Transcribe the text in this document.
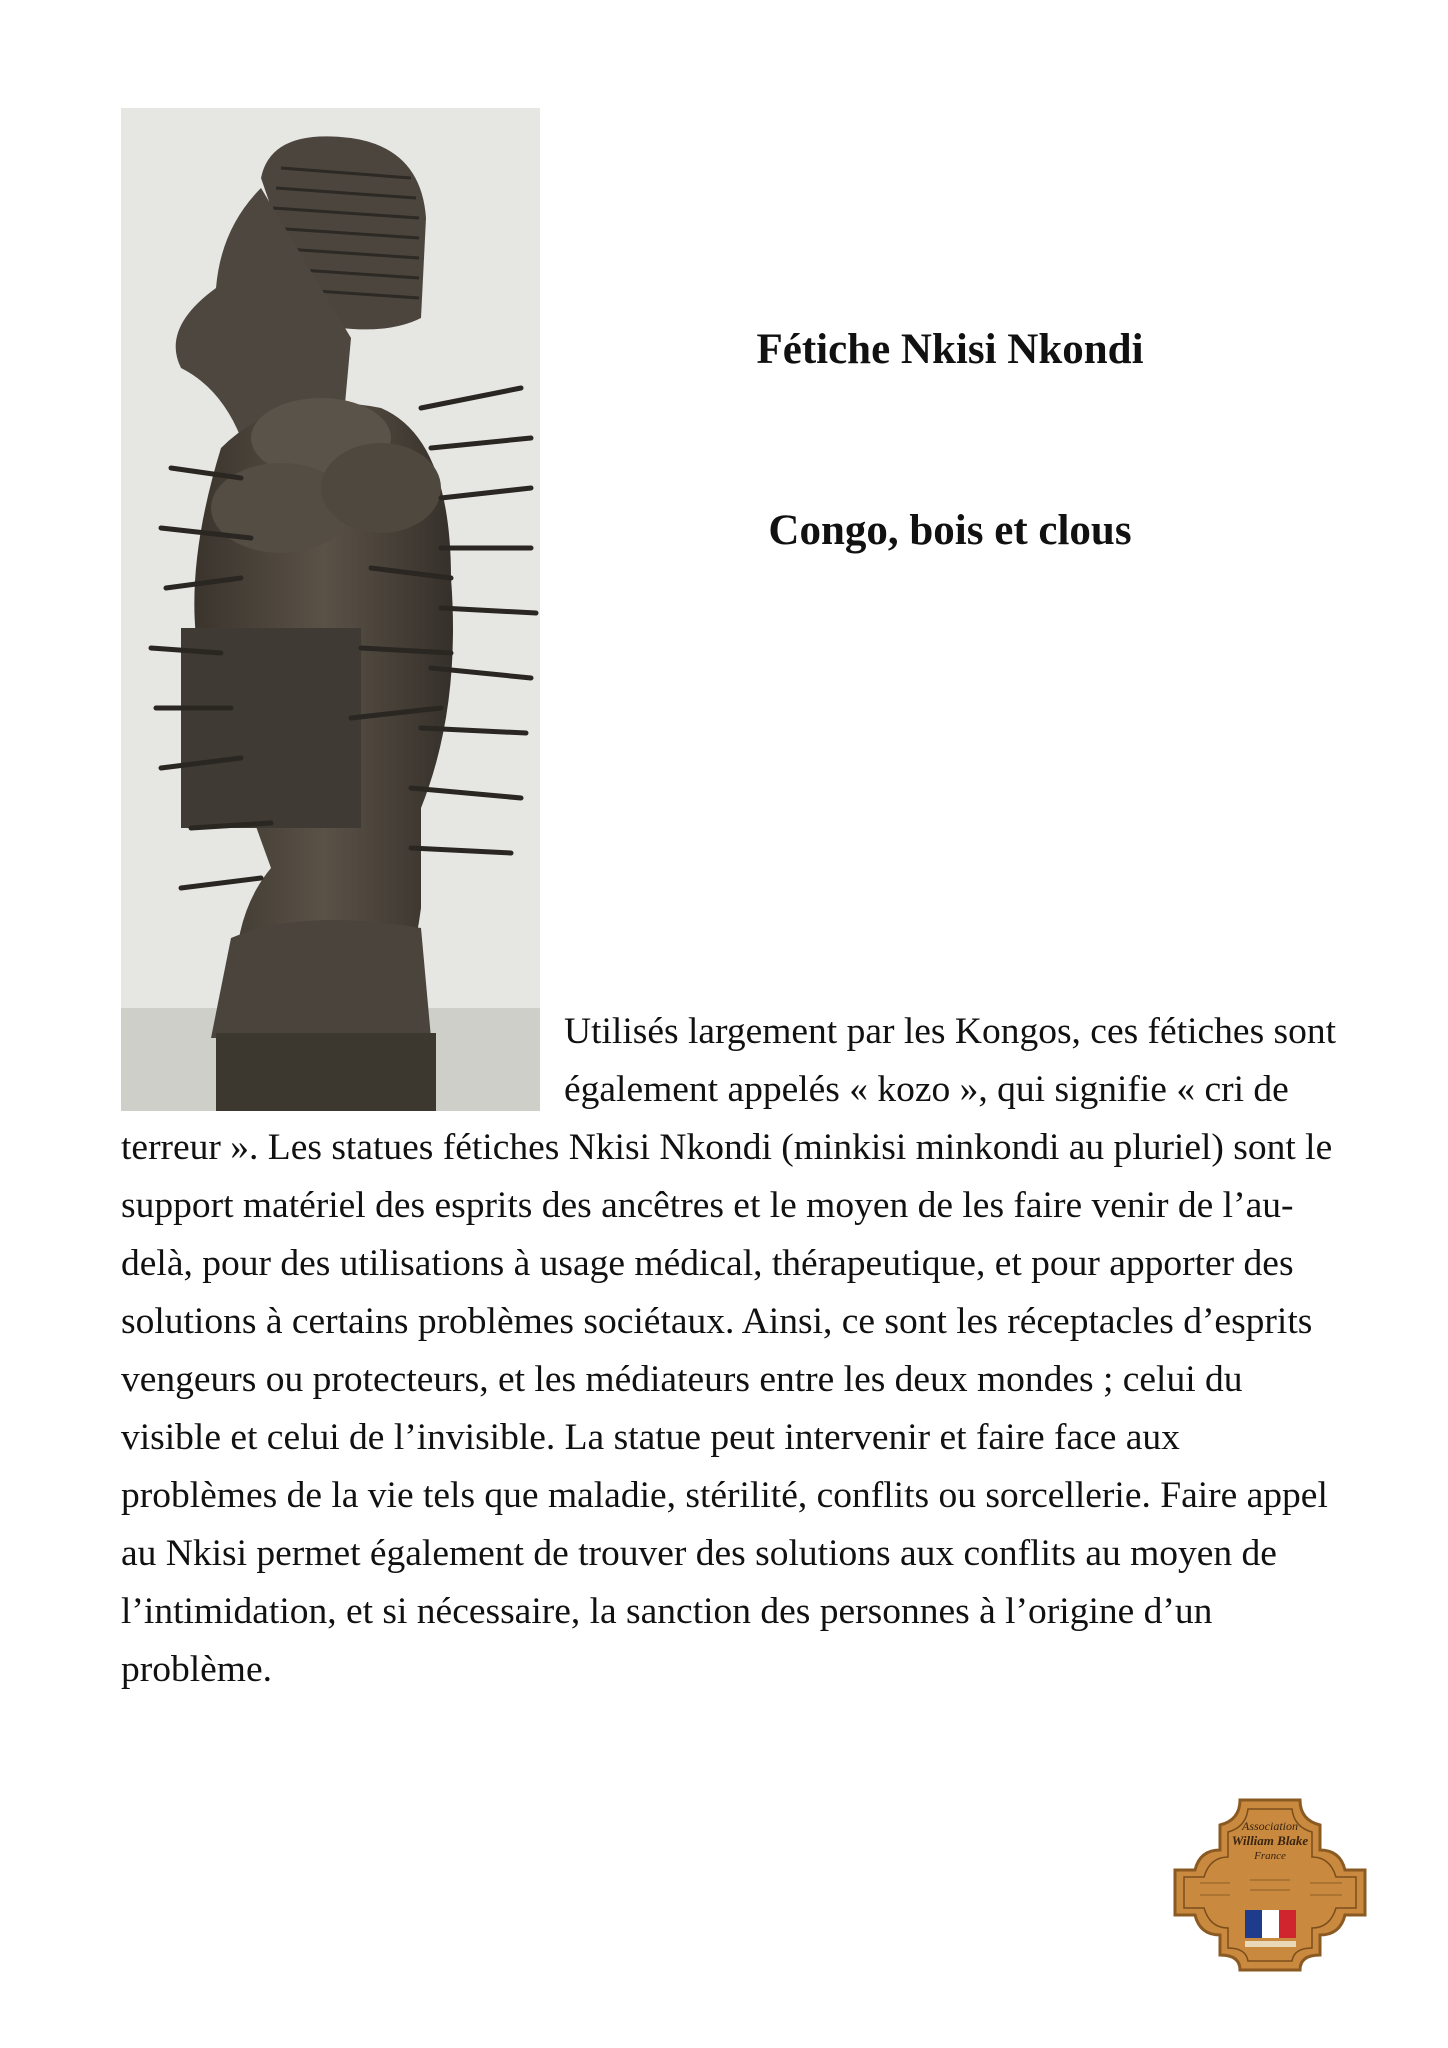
Fétiche Nkisi Nkondi
Congo, bois et clous

Utilisés largement par les Kongos, ces fétiches sont également appelés « kozo », qui signifie « cri de terreur ». Les statues fétiches Nkisi Nkondi (minkisi minkondi au pluriel) sont le support matériel des esprits des ancêtres et le moyen de les faire venir de l’au-delà, pour des utilisations à usage médical, thérapeutique, et pour apporter des solutions à certains problèmes sociétaux. Ainsi, ce sont les réceptacles d’esprits vengeurs ou protecteurs, et les médiateurs entre les deux mondes ; celui du visible et celui de l’invisible. La statue peut intervenir et faire face aux problèmes de la vie tels que maladie, stérilité, conflits ou sorcellerie. Faire appel au Nkisi permet également de trouver des solutions aux conflits au moyen de l’intimidation, et si nécessaire, la sanction des personnes à l’origine d’un problème.

Association
William Blake
France
